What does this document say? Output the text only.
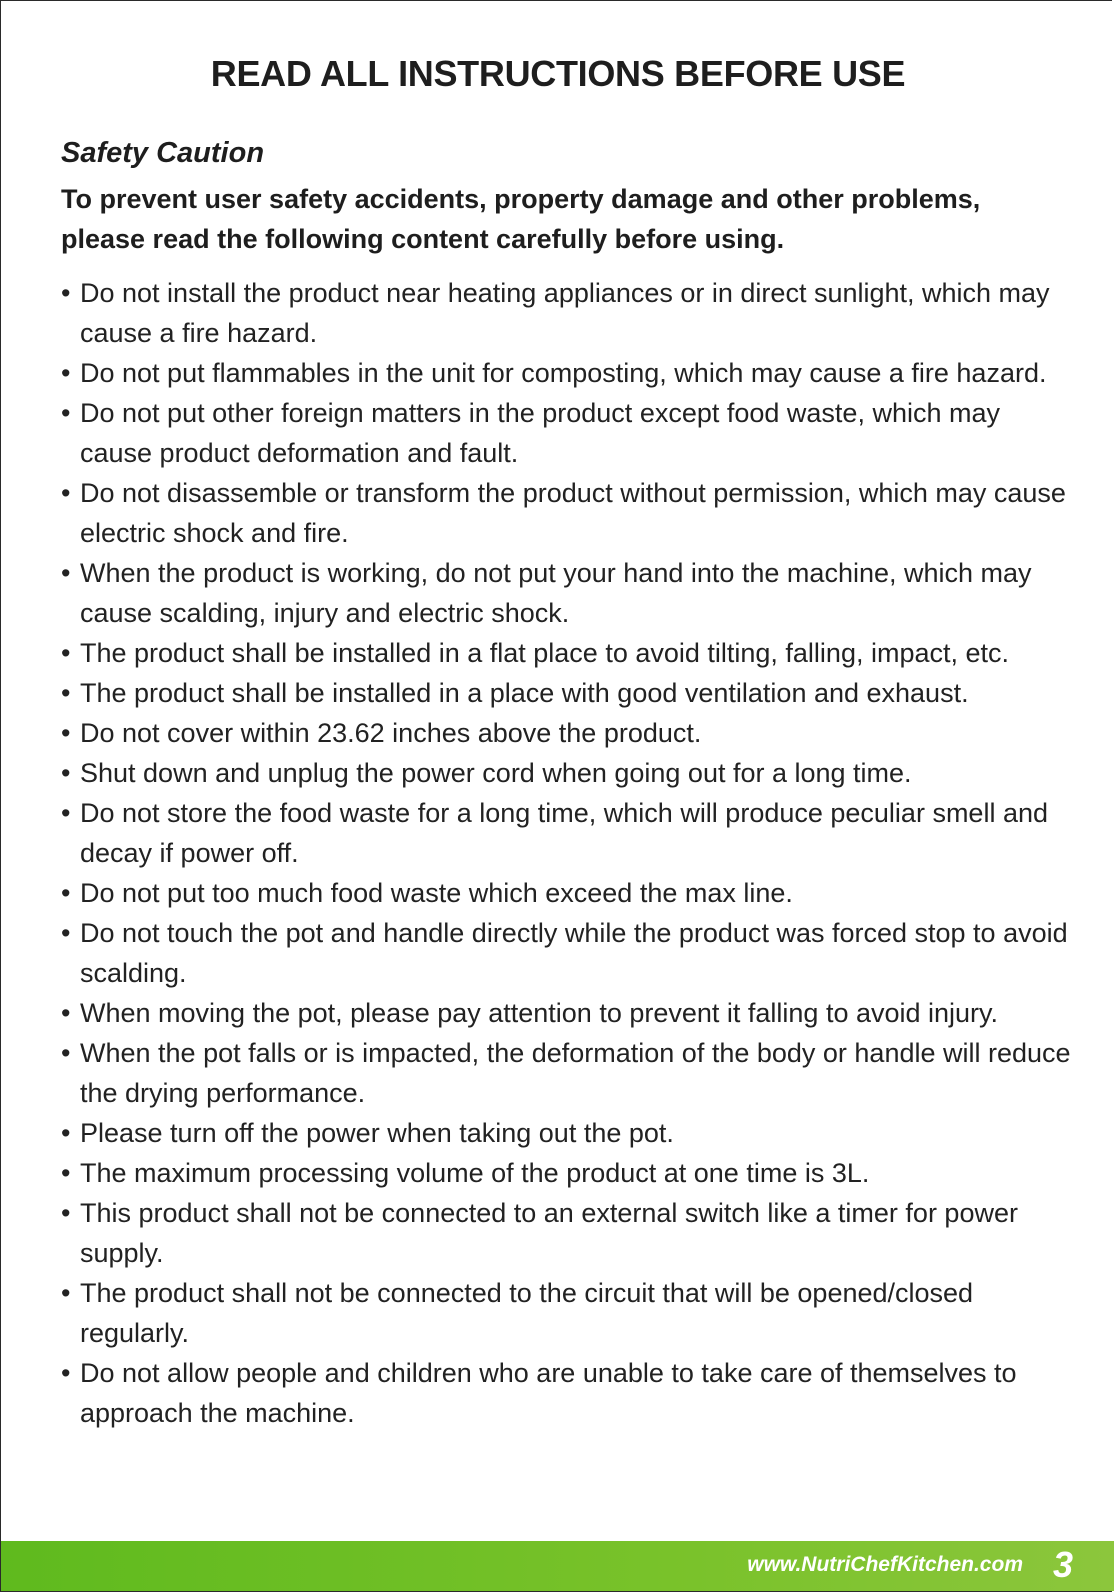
READ ALL INSTRUCTIONS BEFORE USE
Safety Caution
To prevent user safety accidents, property damage and other problems, please read the following content carefully before using.
• Do not install the product near heating appliances or in direct sunlight, which may cause a fire hazard.
• Do not put flammables in the unit for composting, which may cause a fire hazard.
• Do not put other foreign matters in the product except food waste, which may cause product deformation and fault.
• Do not disassemble or transform the product without permission, which may cause electric shock and fire.
• When the product is working, do not put your hand into the machine, which may cause scalding, injury and electric shock.
• The product shall be installed in a flat place to avoid tilting, falling, impact, etc.
• The product shall be installed in a place with good ventilation and exhaust.
• Do not cover within 23.62 inches above the product.
• Shut down and unplug the power cord when going out for a long time.
• Do not store the food waste for a long time, which will produce peculiar smell and decay if power off.
• Do not put too much food waste which exceed the max line.
• Do not touch the pot and handle directly while the product was forced stop to avoid scalding.
• When moving the pot, please pay attention to prevent it falling to avoid injury.
• When the pot falls or is impacted, the deformation of the body or handle will reduce the drying performance.
• Please turn off the power when taking out the pot.
• The maximum processing volume of the product at one time is 3L.
• This product shall not be connected to an external switch like a timer for power supply.
• The product shall not be connected to the circuit that will be opened/closed regularly.
• Do not allow people and children who are unable to take care of themselves to approach the machine.
www.NutriChefKitchen.com 3
